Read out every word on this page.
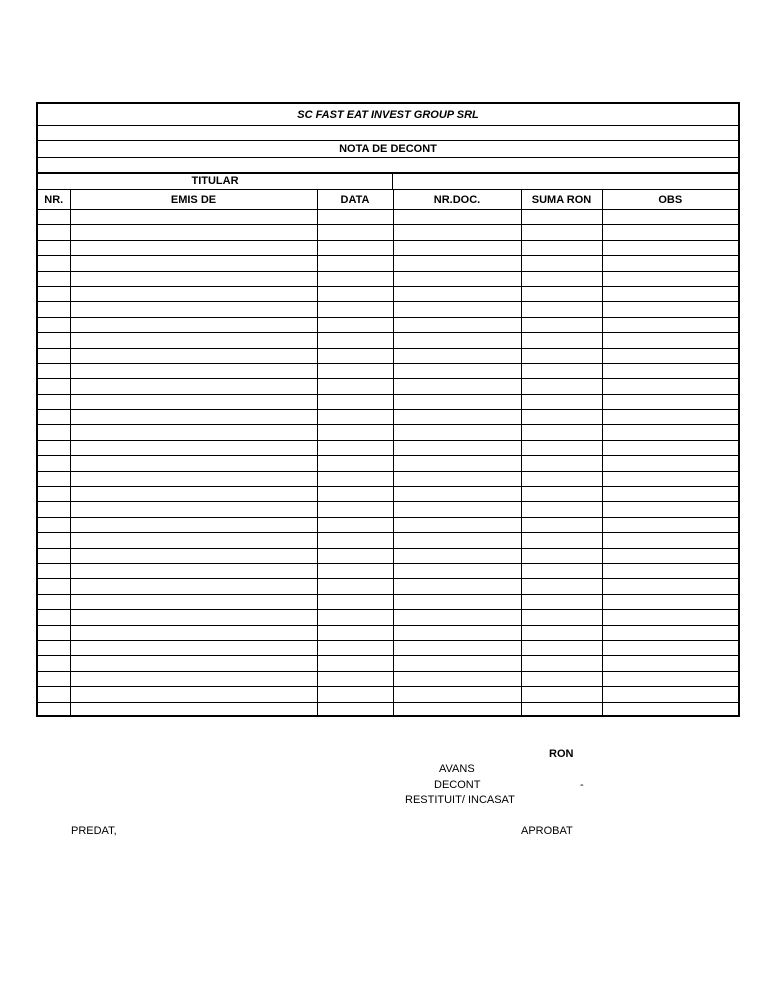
SC FAST EAT INVEST GROUP SRL
NOTA DE DECONT
TITULAR
NR.	EMIS DE	DATA	NR.DOC.	SUMA RON	OBS

RON
AVANS
DECONT	-
RESTITUIT/ INCASAT
PREDAT,	APROBAT
